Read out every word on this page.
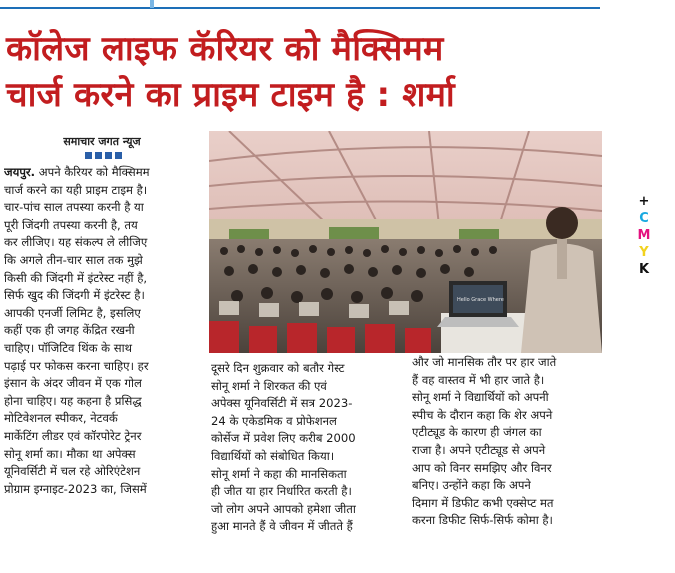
कॉलेज लाइफ कॅरियर को मैक्सिमम
चार्ज करने का प्राइम टाइम है : शर्मा
समाचार जगत न्यूज
Hello Grace Where
जयपुर. अपने कैरियर को मैक्सिमम
चार्ज करने का यही प्राइम टाइम है।
चार-पांच साल तपस्या करनी है या
पूरी जिंदगी तपस्या करनी है, तय
कर लीजिए। यह संकल्प ले लीजिए
कि अगले तीन-चार साल तक मुझे
किसी की जिंदगी में इंटरेस्ट नहीं है,
सिर्फ खुद की जिंदगी में इंटरेस्ट है।
आपकी एनर्जी लिमिट है, इसलिए
कहीं एक ही जगह केंद्रित रखनी
चाहिए। पॉजिटिव थिंक के साथ
पढ़ाई पर फोकस करना चाहिए। हर
इंसान के अंदर जीवन में एक गोल
होना चाहिए। यह कहना है प्रसिद्ध
मोटिवेशनल स्पीकर, नेटवर्क
मार्केटिंग लीडर एवं कॉरपोरेट ट्रेनर
सोनू शर्मा का। मौका था अपेक्स
यूनिवर्सिटी में चल रहे ओरिएंटेशन
प्रोग्राम इग्नाइट-2023 का, जिसमें
दूसरे दिन शुक्रवार को बतौर गेस्ट
सोनू शर्मा ने शिरकत की एवं
अपेक्स यूनिवर्सिटी में सत्र 2023-
24 के एकेडमिक व प्रोफेशनल
कोर्सेज में प्रवेश लिए करीब 2000
विद्यार्थियों को संबोधित किया।
सोनू शर्मा ने कहा की मानसिकता
ही जीत या हार निर्धारित करती है।
जो लोग अपने आपको हमेशा जीता
हुआ मानते हैं वे जीवन में जीतते हैं
और जो मानसिक तौर पर हार जाते
हैं वह वास्तव में भी हार जाते है।
सोनू शर्मा ने विद्यार्थियों को अपनी
स्पीच के दौरान कहा कि शेर अपने
एटीट्यूड के कारण ही जंगल का
राजा है। अपने एटीट्यूड से अपने
आप को विनर समझिए और विनर
बनिए। उन्होंने कहा कि अपने
दिमाग में डिफीट कभी एक्सेप्ट मत
करना डिफीट सिर्फ-सिर्फ कोमा है।
+
C
M
Y
K
